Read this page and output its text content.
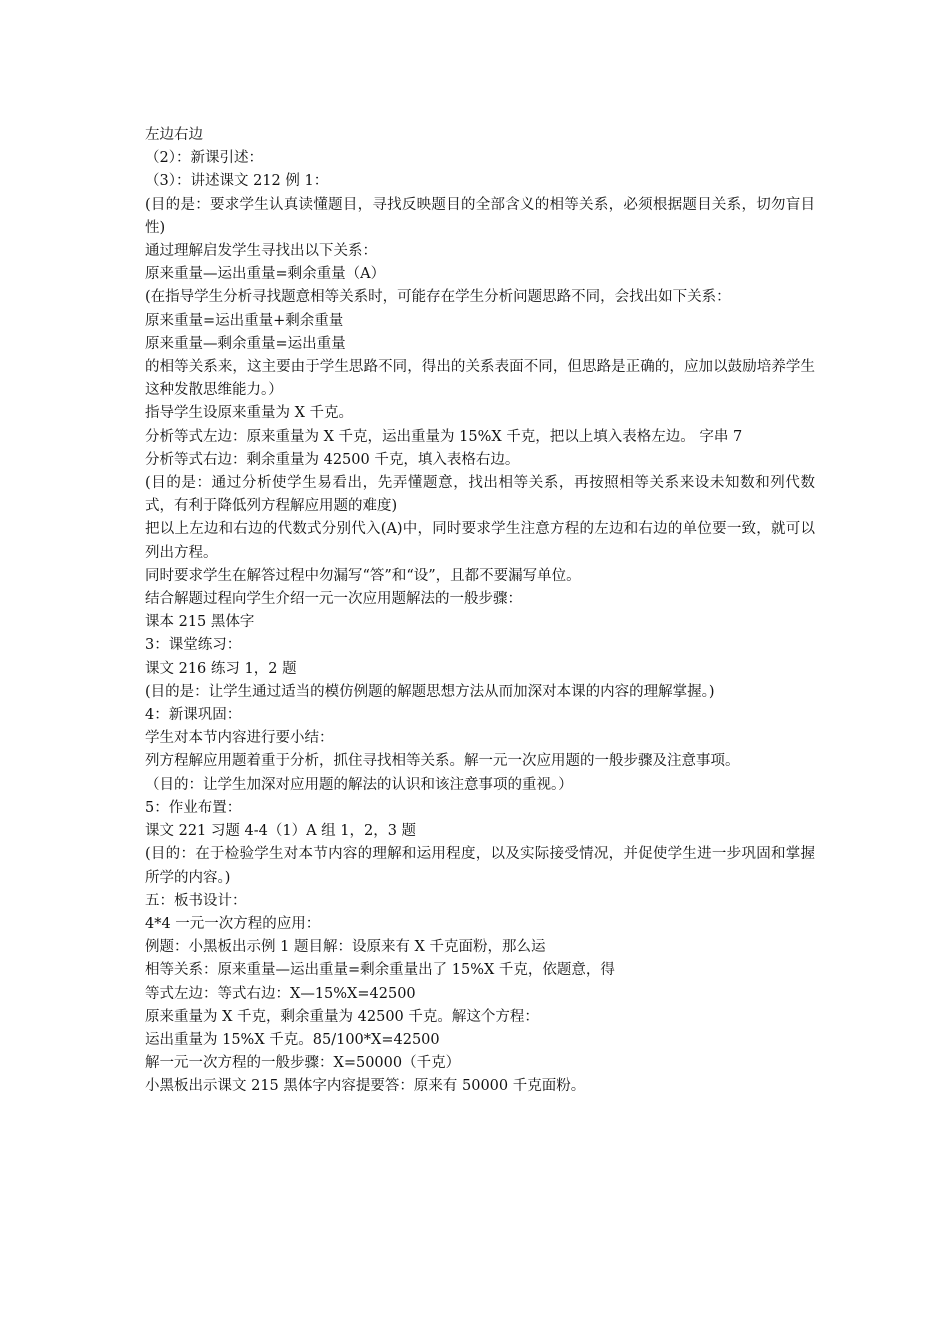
左边右边
（2）：新课引述：
（3）：讲述课文 212 例 1：
(目的是：要求学生认真读懂题目，寻找反映题目的全部含义的相等关系，必须根据题目关系，切勿盲目性)
通过理解启发学生寻找出以下关系：
原来重量—运出重量=剩余重量（A）
(在指导学生分析寻找题意相等关系时，可能存在学生分析问题思路不同，会找出如下关系：
原来重量=运出重量+剩余重量
原来重量—剩余重量=运出重量
的相等关系来，这主要由于学生思路不同，得出的关系表面不同，但思路是正确的，应加以鼓励培养学生这种发散思维能力。）
指导学生设原来重量为 X 千克。
分析等式左边：原来重量为 X 千克，运出重量为 15%X 千克，把以上填入表格左边。 字串 7
分析等式右边：剩余重量为 42500 千克，填入表格右边。
(目的是：通过分析使学生易看出，先弄懂题意，找出相等关系，再按照相等关系来设未知数和列代数式，有利于降低列方程解应用题的难度)
把以上左边和右边的代数式分别代入(A)中，同时要求学生注意方程的左边和右边的单位要一致，就可以列出方程。
同时要求学生在解答过程中勿漏写“答”和“设”，且都不要漏写单位。
结合解题过程向学生介绍一元一次应用题解法的一般步骤：
课本 215 黑体字
3：课堂练习：
课文 216 练习 1，2 题
(目的是：让学生通过适当的模仿例题的解题思想方法从而加深对本课的内容的理解掌握。)
4：新课巩固：
学生对本节内容进行要小结：
列方程解应用题着重于分析，抓住寻找相等关系。解一元一次应用题的一般步骤及注意事项。
（目的：让学生加深对应用题的解法的认识和该注意事项的重视。）
5：作业布置：
课文 221 习题 4-4（1）A 组 1，2，3 题
(目的：在于检验学生对本节内容的理解和运用程度，以及实际接受情况，并促使学生进一步巩固和掌握所学的内容。)
五：板书设计：
4*4 一元一次方程的应用：
例题：小黑板出示例 1 题目解：设原来有 X 千克面粉，那么运
相等关系：原来重量—运出重量=剩余重量出了 15%X 千克，依题意，得
等式左边：等式右边：X—15%X=42500
原来重量为 X 千克，剩余重量为 42500 千克。解这个方程：
运出重量为 15%X 千克。85/100*X=42500
解一元一次方程的一般步骤：X=50000（千克）
小黑板出示课文 215 黑体字内容提要答：原来有 50000 千克面粉。
